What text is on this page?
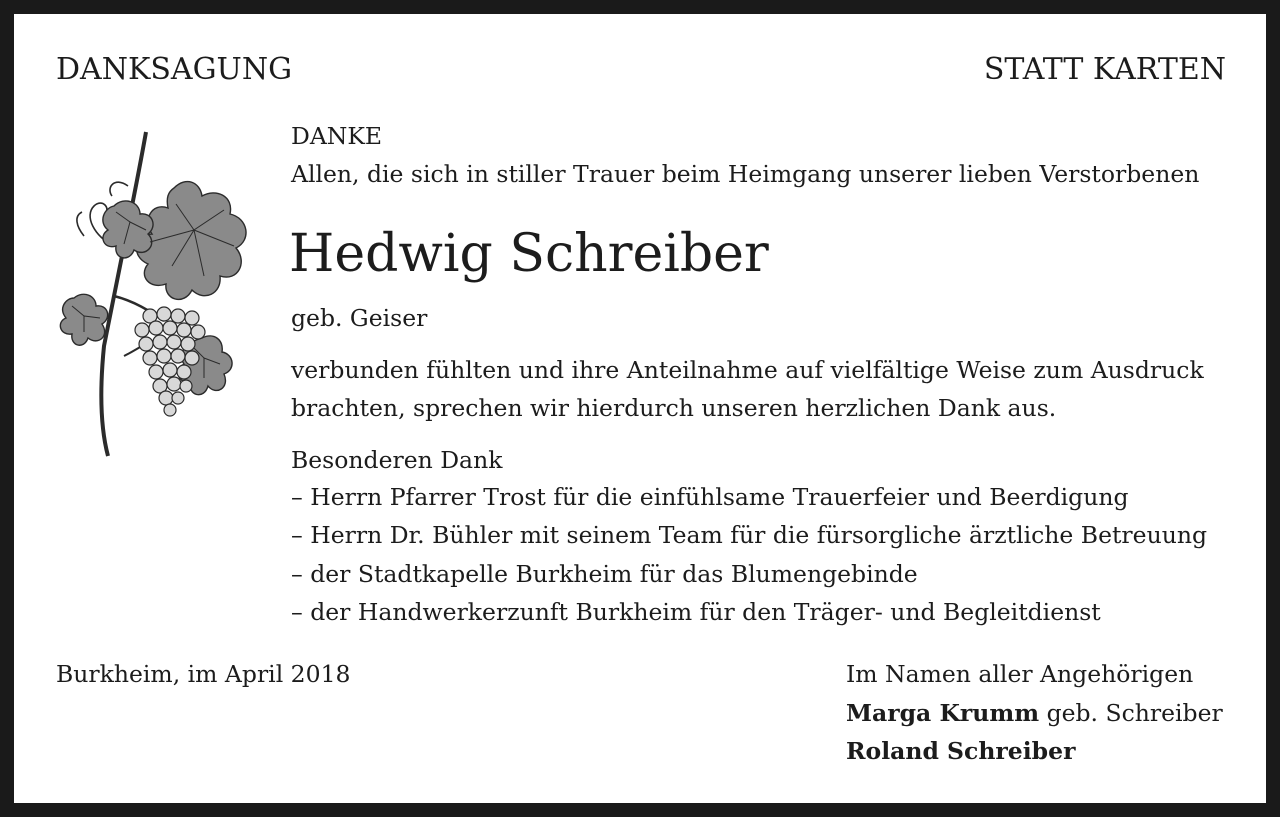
DANKSAGUNG	STATT KARTEN
DANKE
Allen, die sich in stiller Trauer beim Heimgang unserer lieben Verstorbenen
Hedwig Schreiber
geb. Geiser
verbunden fühlten und ihre Anteilnahme auf vielfältige Weise zum Ausdruck
brachten, sprechen wir hierdurch unseren herzlichen Dank aus.
Besonderen Dank
– Herrn Pfarrer Trost für die einfühlsame Trauerfeier und Beerdigung
– Herrn Dr. Bühler mit seinem Team für die fürsorgliche ärztliche Betreuung
– der Stadtkapelle Burkheim für das Blumengebinde
– der Handwerkerzunft Burkheim für den Träger- und Begleitdienst
Burkheim, im April 2018	Im Namen aller Angehörigen
Marga Krumm geb. Schreiber
Roland Schreiber
